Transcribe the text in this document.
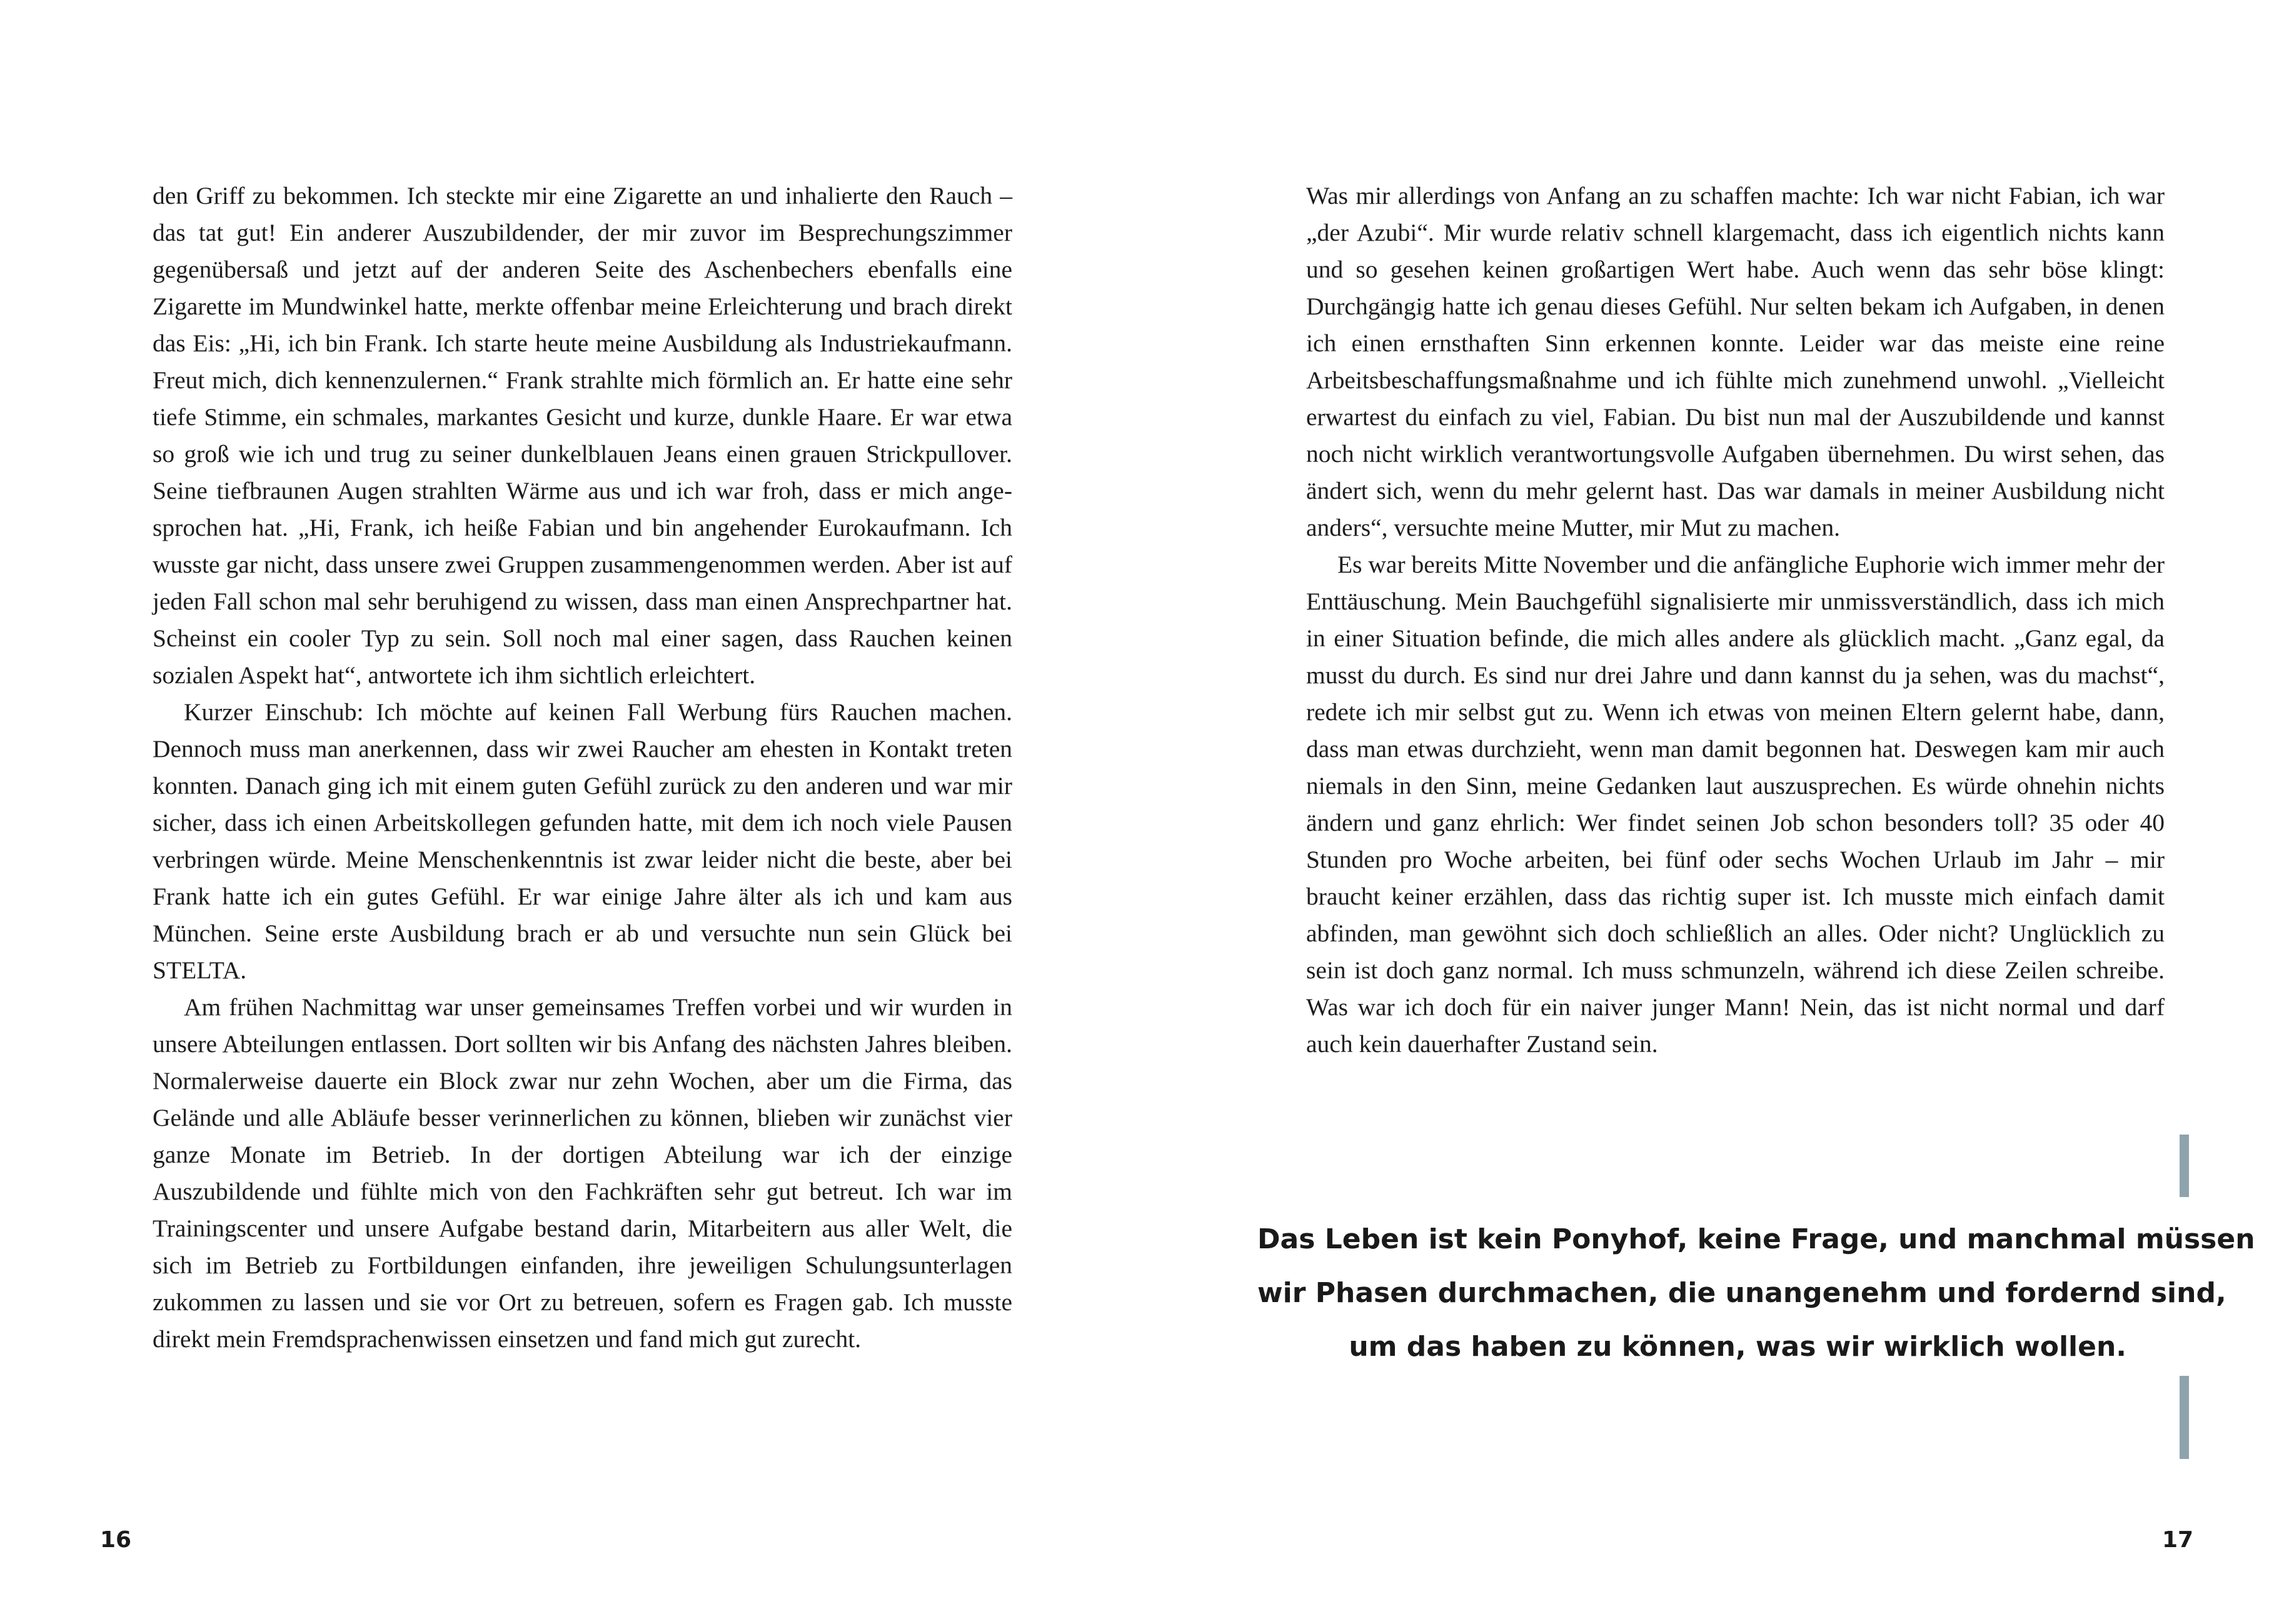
den Griff zu bekommen. Ich steckte mir eine Zigarette an und inhalierte den Rauch – das tat gut! Ein anderer Auszubildender, der mir zuvor im Besprechungszimmer gegenübersaß und jetzt auf der anderen Seite des Aschenbechers ebenfalls eine Zigarette im Mundwinkel hatte, merkte offenbar meine Erleichterung und brach direkt das Eis: „Hi, ich bin Frank. Ich starte heute meine Ausbildung als Industriekaufmann. Freut mich, dich kennenzulernen.“ Frank strahlte mich förmlich an. Er hatte eine sehr tiefe Stimme, ein schmales, markantes Gesicht und kurze, dunkle Haare. Er war etwa so groß wie ich und trug zu seiner dunkelblauen Jeans einen grauen Strickpullover. Seine tiefbraunen Augen strahlten Wärme aus und ich war froh, dass er mich angesprochen hat. „Hi, Frank, ich heiße Fabian und bin angehender Eurokaufmann. Ich wusste gar nicht, dass unsere zwei Gruppen zusammengenommen werden. Aber ist auf jeden Fall schon mal sehr beruhigend zu wissen, dass man einen Ansprechpartner hat. Scheinst ein cooler Typ zu sein. Soll noch mal einer sagen, dass Rauchen keinen sozialen Aspekt hat“, antwortete ich ihm sichtlich erleichtert.

Kurzer Einschub: Ich möchte auf keinen Fall Werbung fürs Rauchen machen. Dennoch muss man anerkennen, dass wir zwei Raucher am ehesten in Kontakt treten konnten. Danach ging ich mit einem guten Gefühl zurück zu den anderen und war mir sicher, dass ich einen Arbeitskollegen gefunden hatte, mit dem ich noch viele Pausen verbringen würde. Meine Menschenkenntnis ist zwar leider nicht die beste, aber bei Frank hatte ich ein gutes Gefühl. Er war einige Jahre älter als ich und kam aus München. Seine erste Ausbildung brach er ab und versuchte nun sein Glück bei STELTA.

Am frühen Nachmittag war unser gemeinsames Treffen vorbei und wir wurden in unsere Abteilungen entlassen. Dort sollten wir bis Anfang des nächsten Jahres bleiben. Normalerweise dauerte ein Block zwar nur zehn Wochen, aber um die Firma, das Gelände und alle Abläufe besser verinnerlichen zu können, blieben wir zunächst vier ganze Monate im Betrieb. In der dortigen Abteilung war ich der einzige Auszubildende und fühlte mich von den Fachkräften sehr gut betreut. Ich war im Trainingscenter und unsere Aufgabe bestand darin, Mitarbeitern aus aller Welt, die sich im Betrieb zu Fortbildungen einfanden, ihre jeweiligen Schulungsunterlagen zukommen zu lassen und sie vor Ort zu betreuen, sofern es Fragen gab. Ich musste direkt mein Fremdsprachenwissen einsetzen und fand mich gut zurecht.

16

Was mir allerdings von Anfang an zu schaffen machte: Ich war nicht Fabian, ich war „der Azubi“. Mir wurde relativ schnell klargemacht, dass ich eigentlich nichts kann und so gesehen keinen großartigen Wert habe. Auch wenn das sehr böse klingt: Durchgängig hatte ich genau dieses Gefühl. Nur selten bekam ich Aufgaben, in denen ich einen ernsthaften Sinn erkennen konnte. Leider war das meiste eine reine Arbeitsbeschaffungsmaßnahme und ich fühlte mich zunehmend unwohl. „Vielleicht erwartest du einfach zu viel, Fabian. Du bist nun mal der Auszubildende und kannst noch nicht wirklich verantwortungsvolle Aufgaben übernehmen. Du wirst sehen, das ändert sich, wenn du mehr gelernt hast. Das war damals in meiner Ausbildung nicht anders“, versuchte meine Mutter, mir Mut zu machen.

Es war bereits Mitte November und die anfängliche Euphorie wich immer mehr der Enttäuschung. Mein Bauchgefühl signalisierte mir unmissverständlich, dass ich mich in einer Situation befinde, die mich alles andere als glücklich macht. „Ganz egal, da musst du durch. Es sind nur drei Jahre und dann kannst du ja sehen, was du machst“, redete ich mir selbst gut zu. Wenn ich etwas von meinen Eltern gelernt habe, dann, dass man etwas durchzieht, wenn man damit begonnen hat. Deswegen kam mir auch niemals in den Sinn, meine Gedanken laut auszusprechen. Es würde ohnehin nichts ändern und ganz ehrlich: Wer findet seinen Job schon besonders toll? 35 oder 40 Stunden pro Woche arbeiten, bei fünf oder sechs Wochen Urlaub im Jahr – mir braucht keiner erzählen, dass das richtig super ist. Ich musste mich einfach damit abfinden, man gewöhnt sich doch schließlich an alles. Oder nicht? Unglücklich zu sein ist doch ganz normal. Ich muss schmunzeln, während ich diese Zeilen schreibe. Was war ich doch für ein naiver junger Mann! Nein, das ist nicht normal und darf auch kein dauerhafter Zustand sein.

Das Leben ist kein Ponyhof, keine Frage, und manchmal müssen
wir Phasen durchmachen, die unangenehm und fordernd sind,
um das haben zu können, was wir wirklich wollen.
17
